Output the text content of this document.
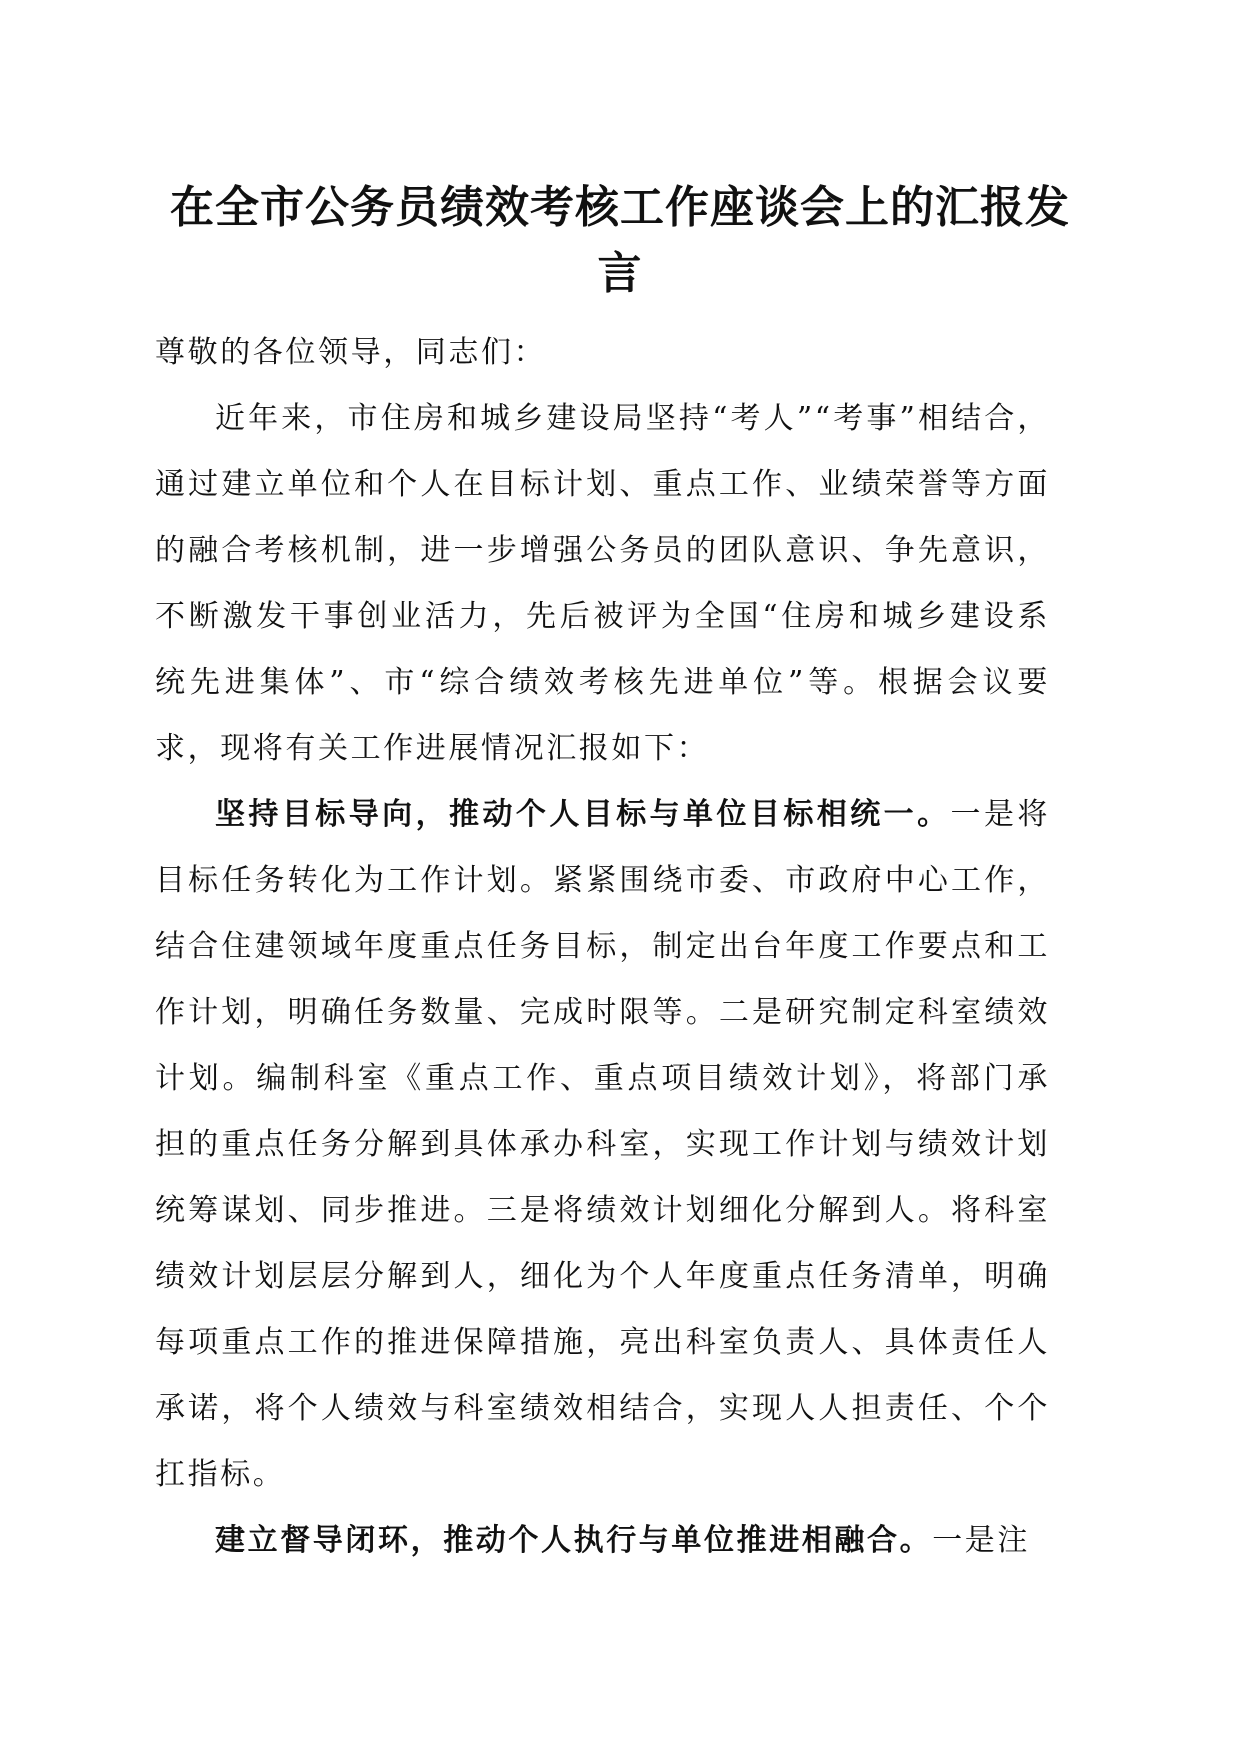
在全市公务员绩效考核工作座谈会上的汇报发言

尊敬的各位领导，同志们：

近年来，市住房和城乡建设局坚持“考人”“考事”相结合，通过建立单位和个人在目标计划、重点工作、业绩荣誉等方面的融合考核机制，进一步增强公务员的团队意识、争先意识，不断激发干事创业活力，先后被评为全国“住房和城乡建设系统先进集体”、市“综合绩效考核先进单位”等。根据会议要求，现将有关工作进展情况汇报如下：

坚持目标导向，推动个人目标与单位目标相统一。一是将目标任务转化为工作计划。紧紧围绕市委、市政府中心工作，结合住建领域年度重点任务目标，制定出台年度工作要点和工作计划，明确任务数量、完成时限等。二是研究制定科室绩效计划。编制科室《重点工作、重点项目绩效计划》，将部门承担的重点任务分解到具体承办科室，实现工作计划与绩效计划统筹谋划、同步推进。三是将绩效计划细化分解到人。将科室绩效计划层层分解到人，细化为个人年度重点任务清单，明确每项重点工作的推进保障措施，亮出科室负责人、具体责任人承诺，将个人绩效与科室绩效相结合，实现人人担责任、个个扛指标。

建立督导闭环，推动个人执行与单位推进相融合。一是注
